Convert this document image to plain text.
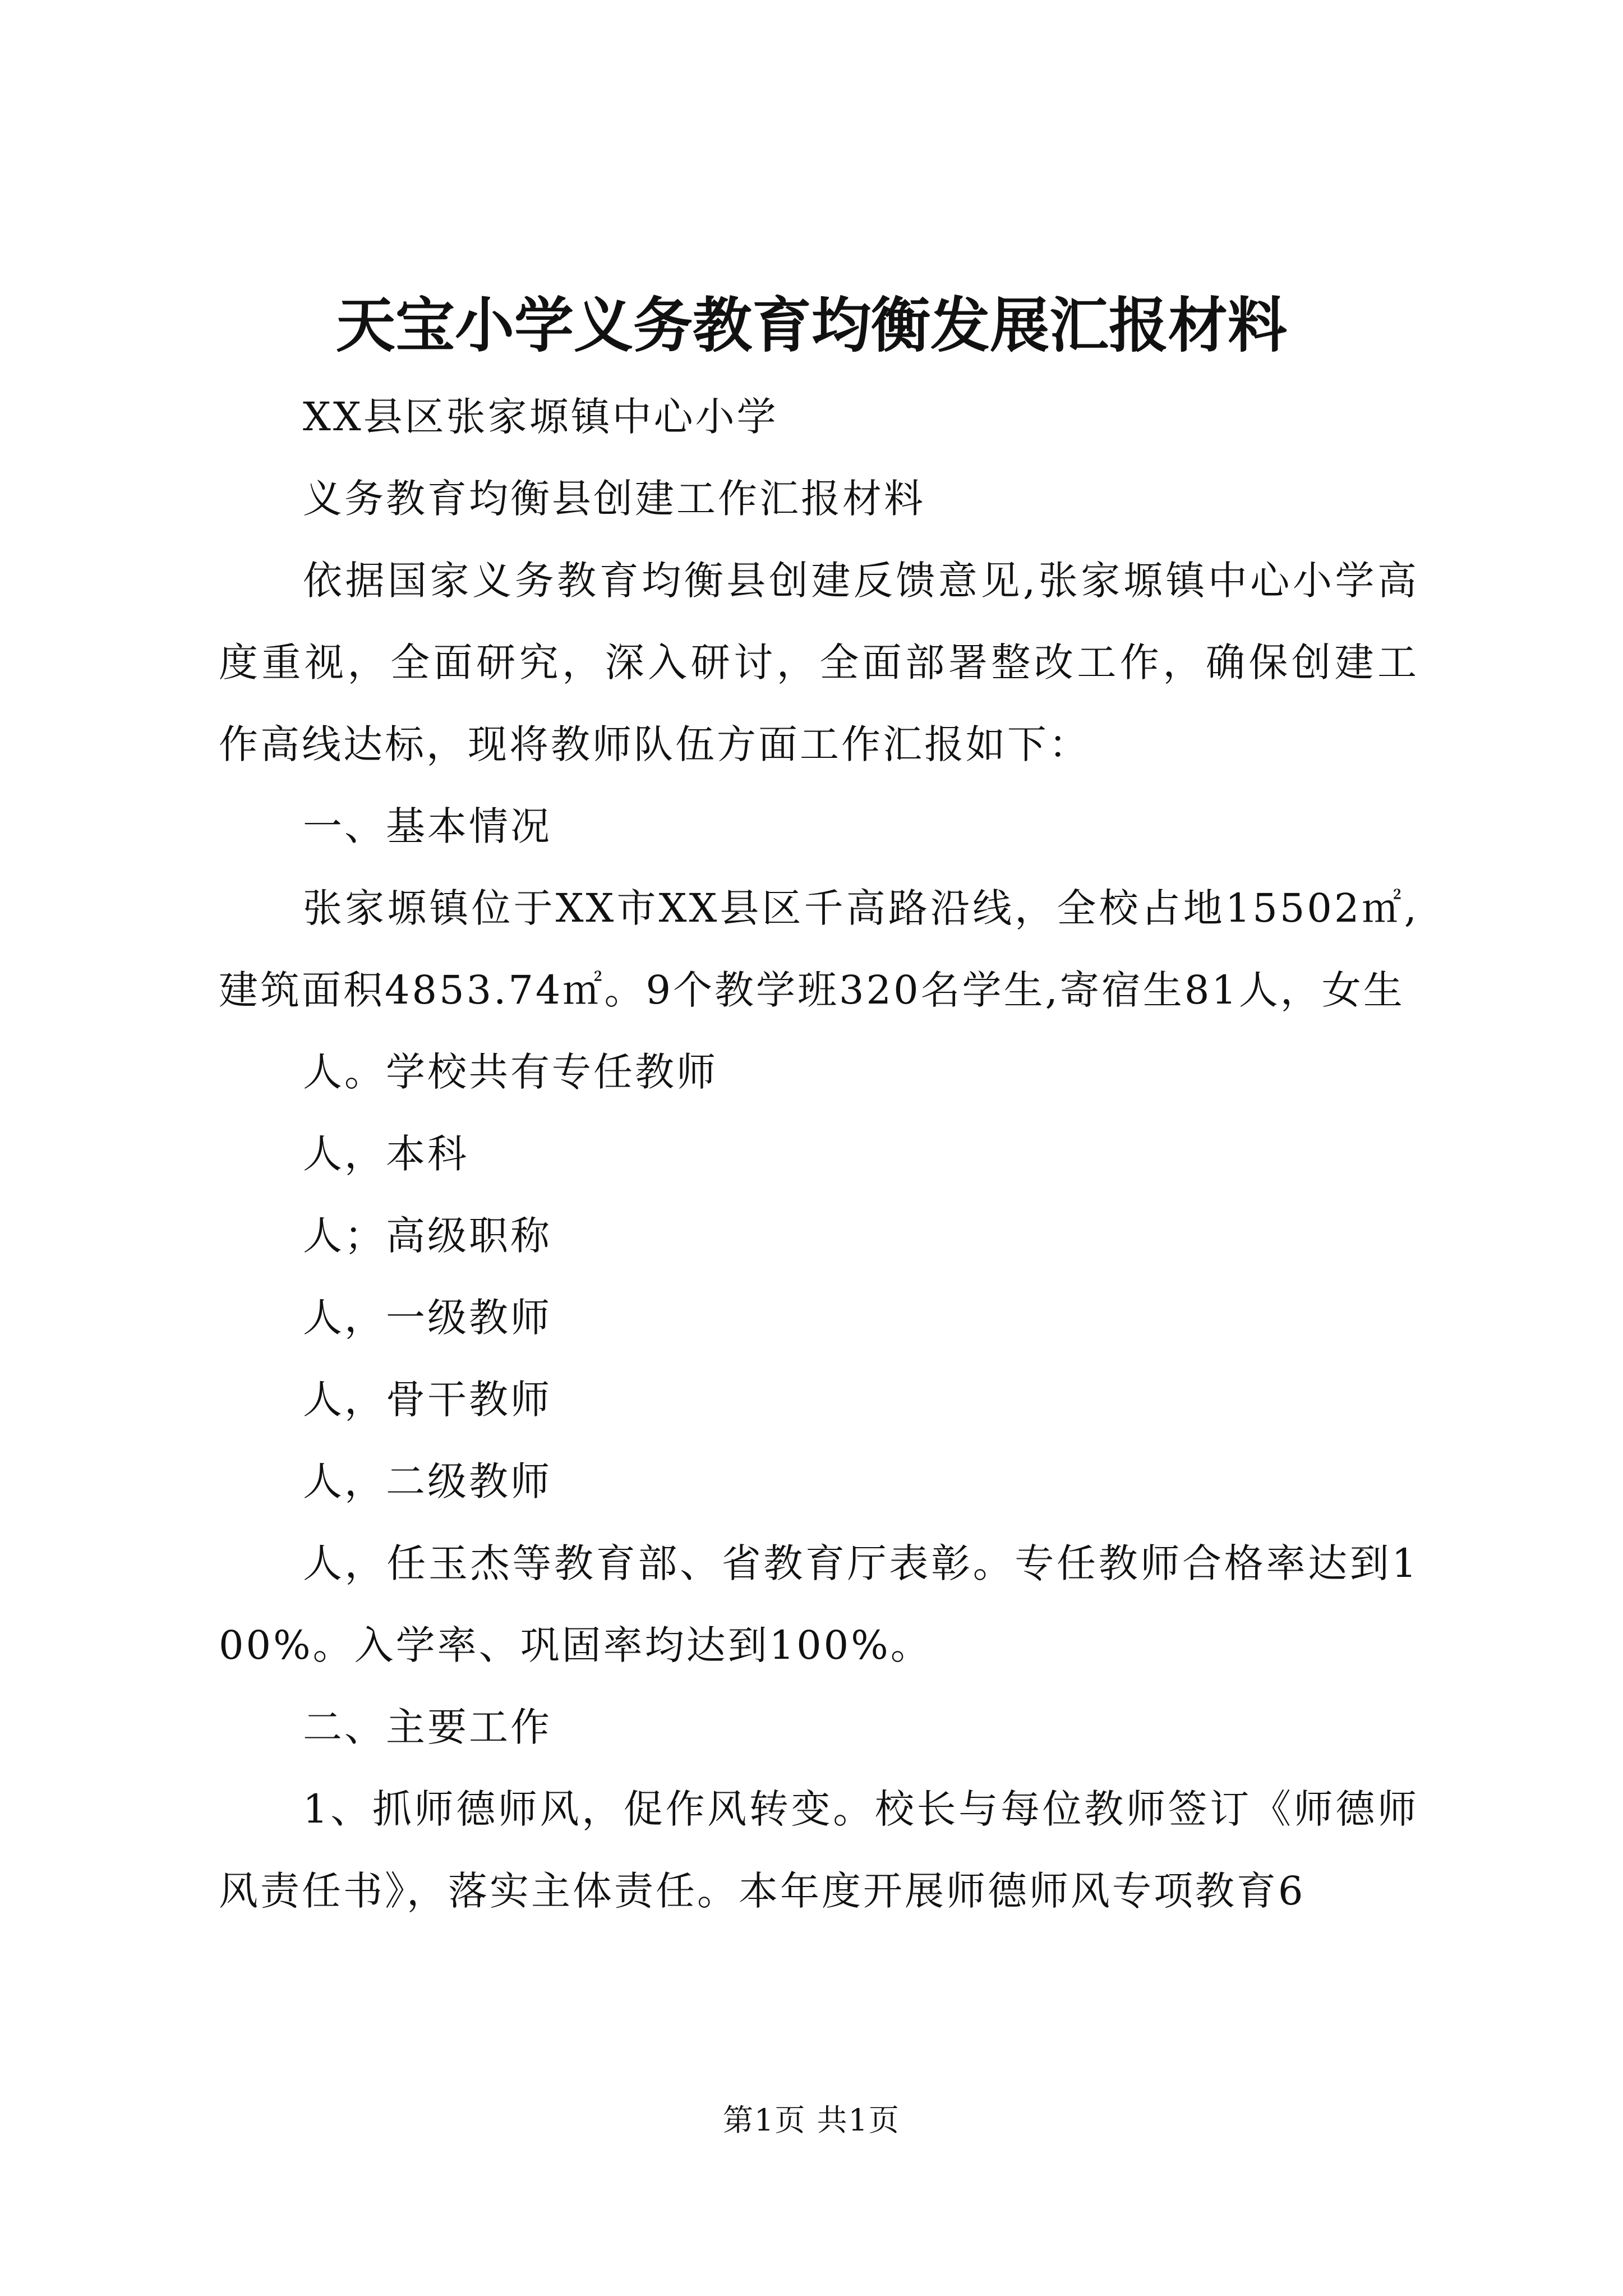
天宝小学义务教育均衡发展汇报材料

XX县区张家塬镇中心小学

义务教育均衡县创建工作汇报材料

依据国家义务教育均衡县创建反馈意见,张家塬镇中心小学高度重视，全面研究，深入研讨，全面部署整改工作，确保创建工作高线达标，现将教师队伍方面工作汇报如下：

一、基本情况

张家塬镇位于XX市XX县区千高路沿线，全校占地15502㎡,建筑面积4853.74㎡。9个教学班320名学生,寄宿生81人，女生

人。学校共有专任教师

人，本科

人；高级职称

人，一级教师

人，骨干教师

人，二级教师

人，任玉杰等教育部、省教育厅表彰。专任教师合格率达到100%。入学率、巩固率均达到100%。

二、主要工作

1、抓师德师风，促作风转变。校长与每位教师签订《师德师风责任书》，落实主体责任。本年度开展师德师风专项教育6

第1页 共1页
